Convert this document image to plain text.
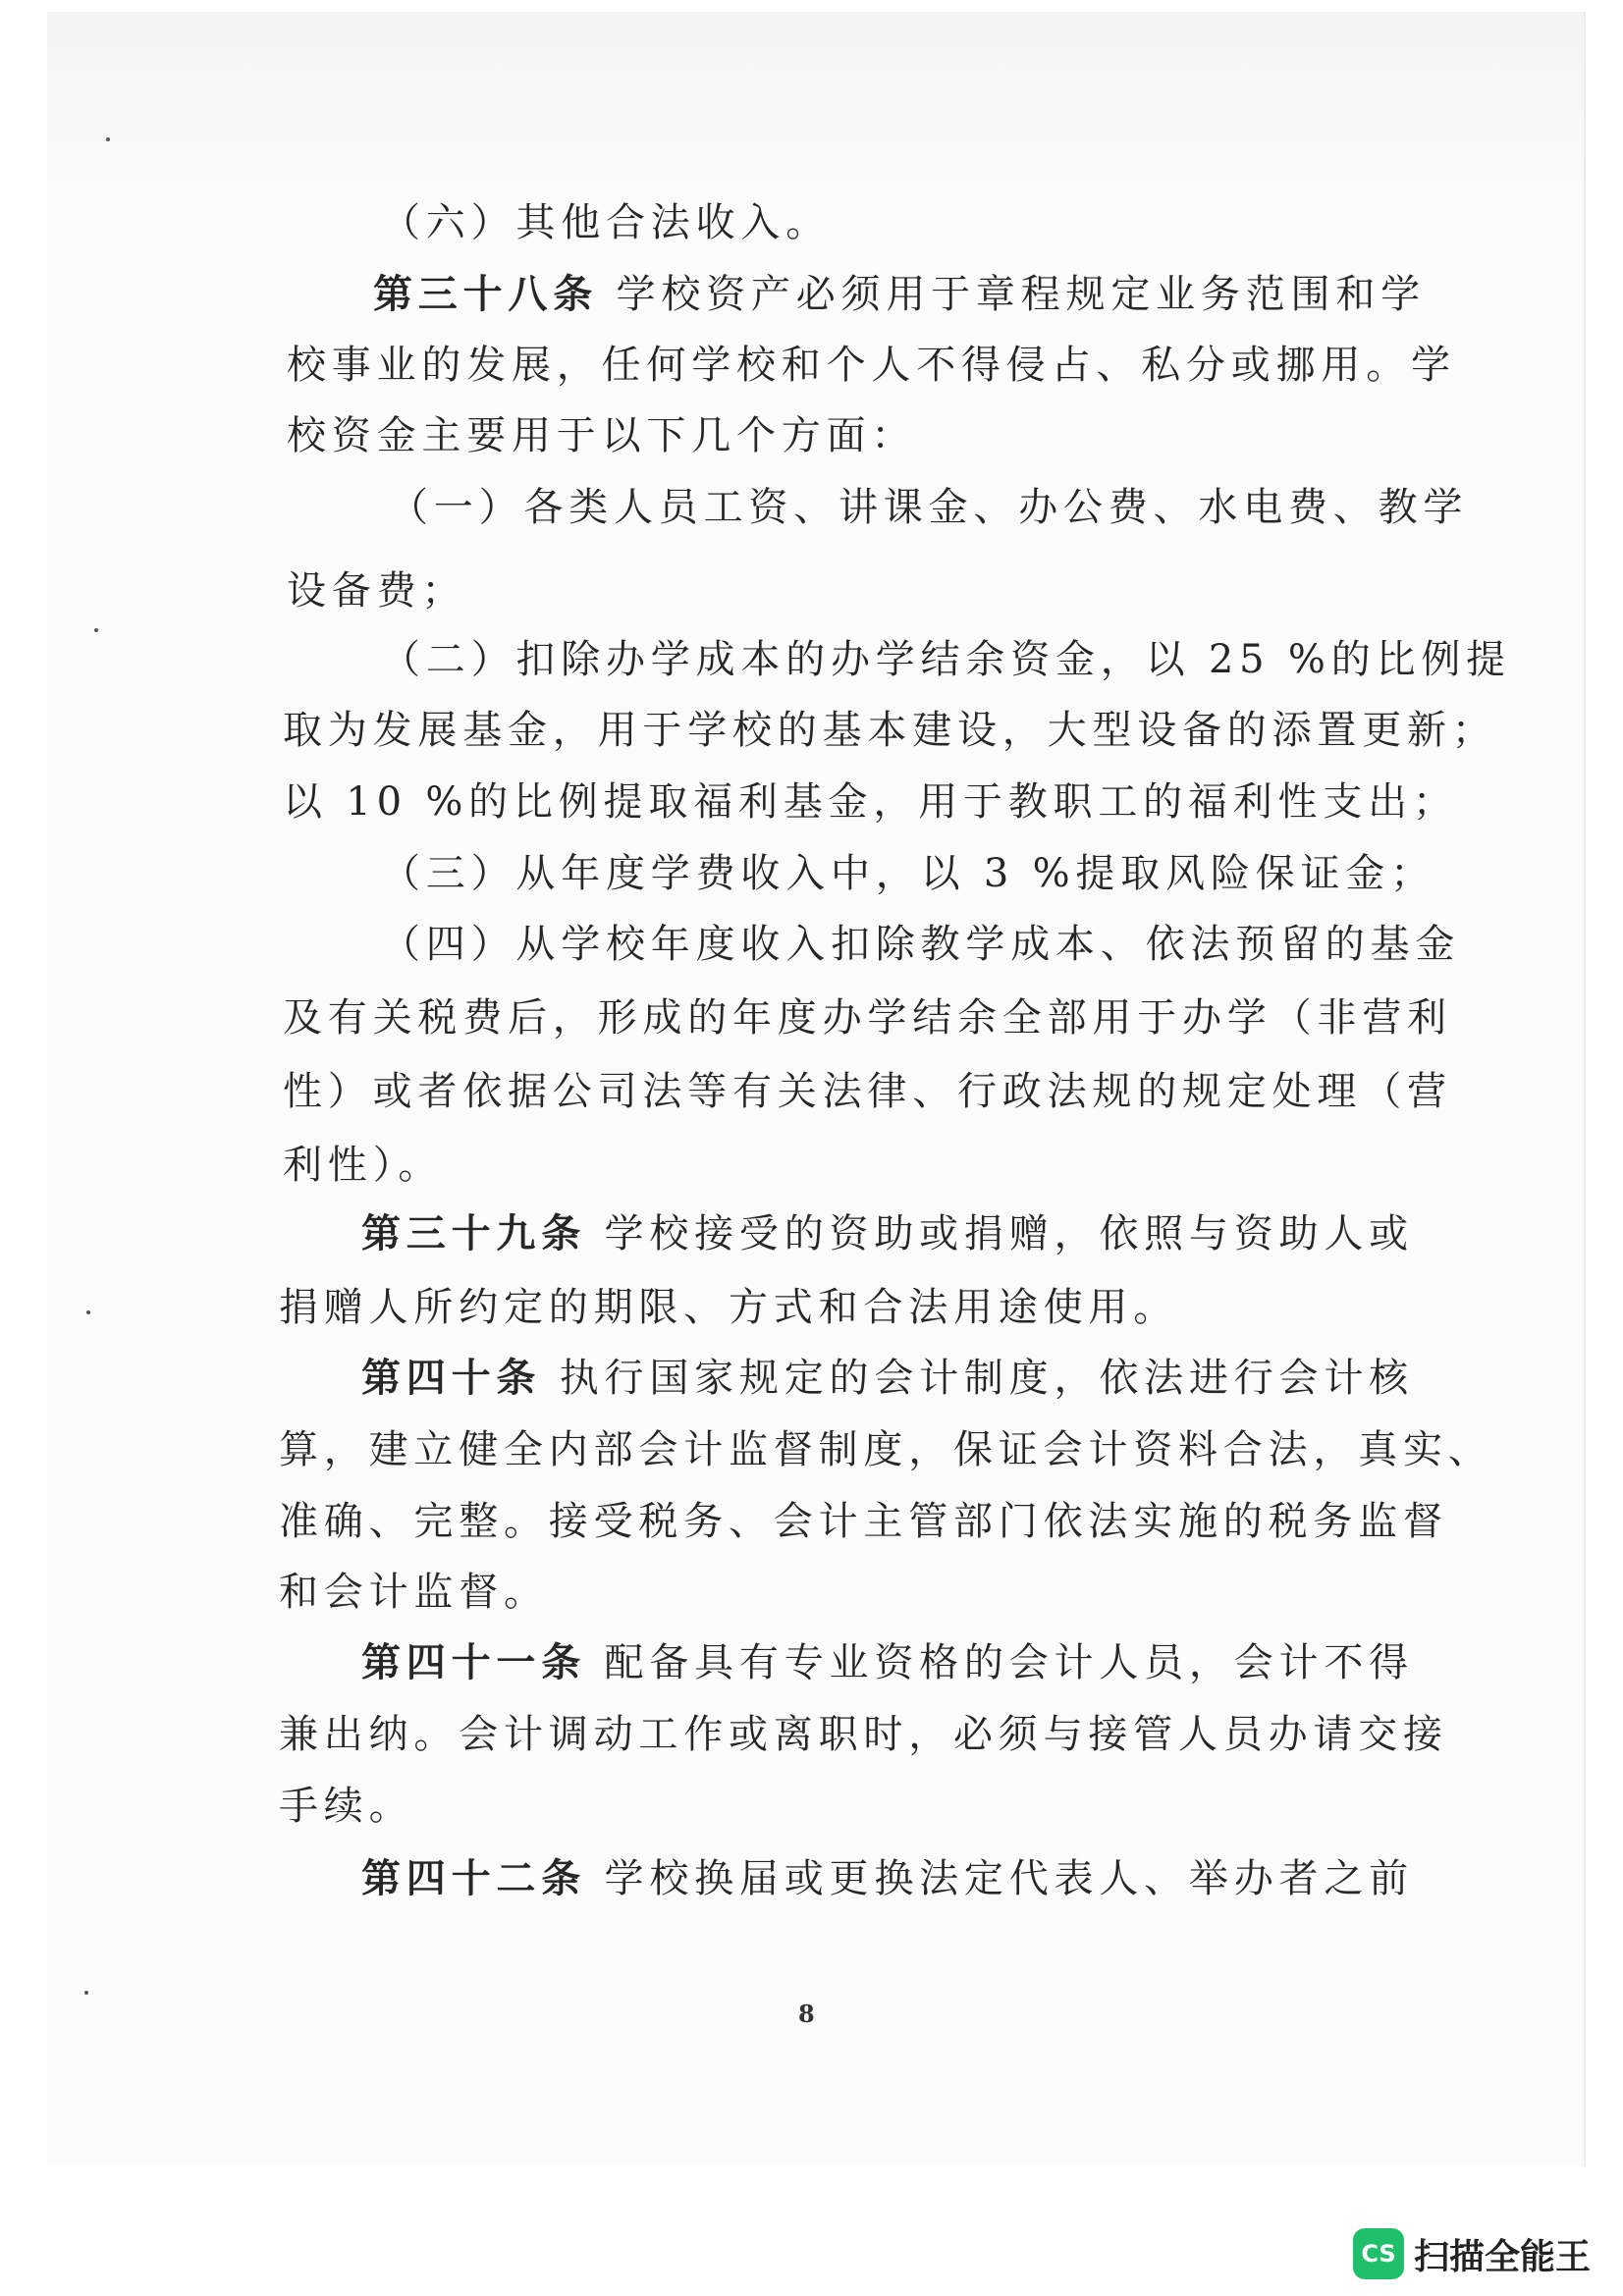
（六）其他合法收入。
第三十八条 学校资产必须用于章程规定业务范围和学
校事业的发展，任何学校和个人不得侵占、私分或挪用。学
校资金主要用于以下几个方面：
（一）各类人员工资、讲课金、办公费、水电费、教学
设备费；
（二）扣除办学成本的办学结余资金，以 25 %的比例提
取为发展基金，用于学校的基本建设，大型设备的添置更新；
以 10 %的比例提取福利基金，用于教职工的福利性支出；
（三）从年度学费收入中，以 3 %提取风险保证金；
（四）从学校年度收入扣除教学成本、依法预留的基金
及有关税费后，形成的年度办学结余全部用于办学（非营利
性）或者依据公司法等有关法律、行政法规的规定处理（营
利性）。
第三十九条 学校接受的资助或捐赠，依照与资助人或
捐赠人所约定的期限、方式和合法用途使用。
第四十条 执行国家规定的会计制度，依法进行会计核
算，建立健全内部会计监督制度，保证会计资料合法，真实、
准确、完整。接受税务、会计主管部门依法实施的税务监督
和会计监督。
第四十一条 配备具有专业资格的会计人员，会计不得
兼出纳。会计调动工作或离职时，必须与接管人员办请交接
手续。
第四十二条 学校换届或更换法定代表人、举办者之前
8
CS 扫描全能王
